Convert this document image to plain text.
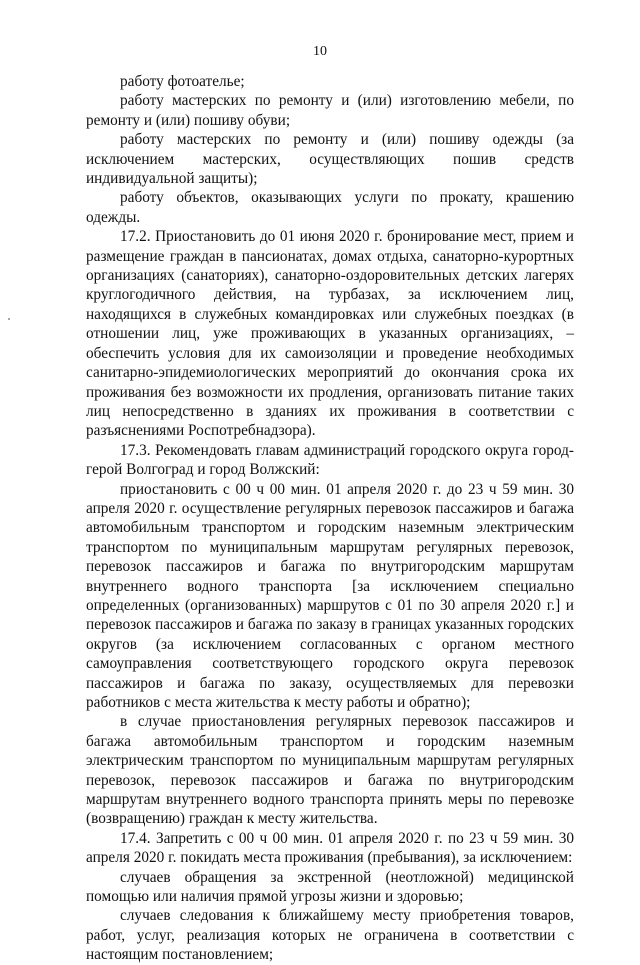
10

работу фотоателье;

работу мастерских по ремонту и (или) изготовлению мебели, по ремонту и (или) пошиву обуви;

работу мастерских по ремонту и (или) пошиву одежды (за исключением мастерских, осуществляющих пошив средств индивидуальной защиты);

работу объектов, оказывающих услуги по прокату, крашению одежды.

17.2. Приостановить до 01 июня 2020 г. бронирование мест, прием и размещение граждан в пансионатах, домах отдыха, санаторно-курортных организациях (санаториях), санаторно-оздоровительных детских лагерях круглогодичного действия, на турбазах, за исключением лиц, находящихся в служебных командировках или служебных поездках (в отношении лиц, уже проживающих в указанных организациях, – обеспечить условия для их самоизоляции и проведение необходимых санитарно-эпидемиологических мероприятий до окончания срока их проживания без возможности их продления, организовать питание таких лиц непосредственно в зданиях их проживания в соответствии с разъяснениями Роспотребнадзора).

17.3. Рекомендовать главам администраций городского округа город-герой Волгоград и город Волжский:

приостановить с 00 ч 00 мин. 01 апреля 2020 г. до 23 ч 59 мин. 30 апреля 2020 г. осуществление регулярных перевозок пассажиров и багажа автомобильным транспортом и городским наземным электрическим транспортом по муниципальным маршрутам регулярных перевозок, перевозок пассажиров и багажа по внутригородским маршрутам внутреннего водного транспорта [за исключением специально определенных (организованных) маршрутов с 01 по 30 апреля 2020 г.] и перевозок пассажиров и багажа по заказу в границах указанных городских округов (за исключением согласованных с органом местного самоуправления соответствующего городского округа перевозок пассажиров и багажа по заказу, осуществляемых для перевозки работников с места жительства к месту работы и обратно);

в случае приостановления регулярных перевозок пассажиров и багажа автомобильным транспортом и городским наземным электрическим транспортом по муниципальным маршрутам регулярных перевозок, перевозок пассажиров и багажа по внутригородским маршрутам внутреннего водного транспорта принять меры по перевозке (возвращению) граждан к месту жительства.

17.4. Запретить с 00 ч 00 мин. 01 апреля 2020 г. по 23 ч 59 мин. 30 апреля 2020 г. покидать места проживания (пребывания), за исключением:

случаев обращения за экстренной (неотложной) медицинской помощью или наличия прямой угрозы жизни и здоровью;

случаев следования к ближайшему месту приобретения товаров, работ, услуг, реализация которых не ограничена в соответствии с настоящим постановлением;
